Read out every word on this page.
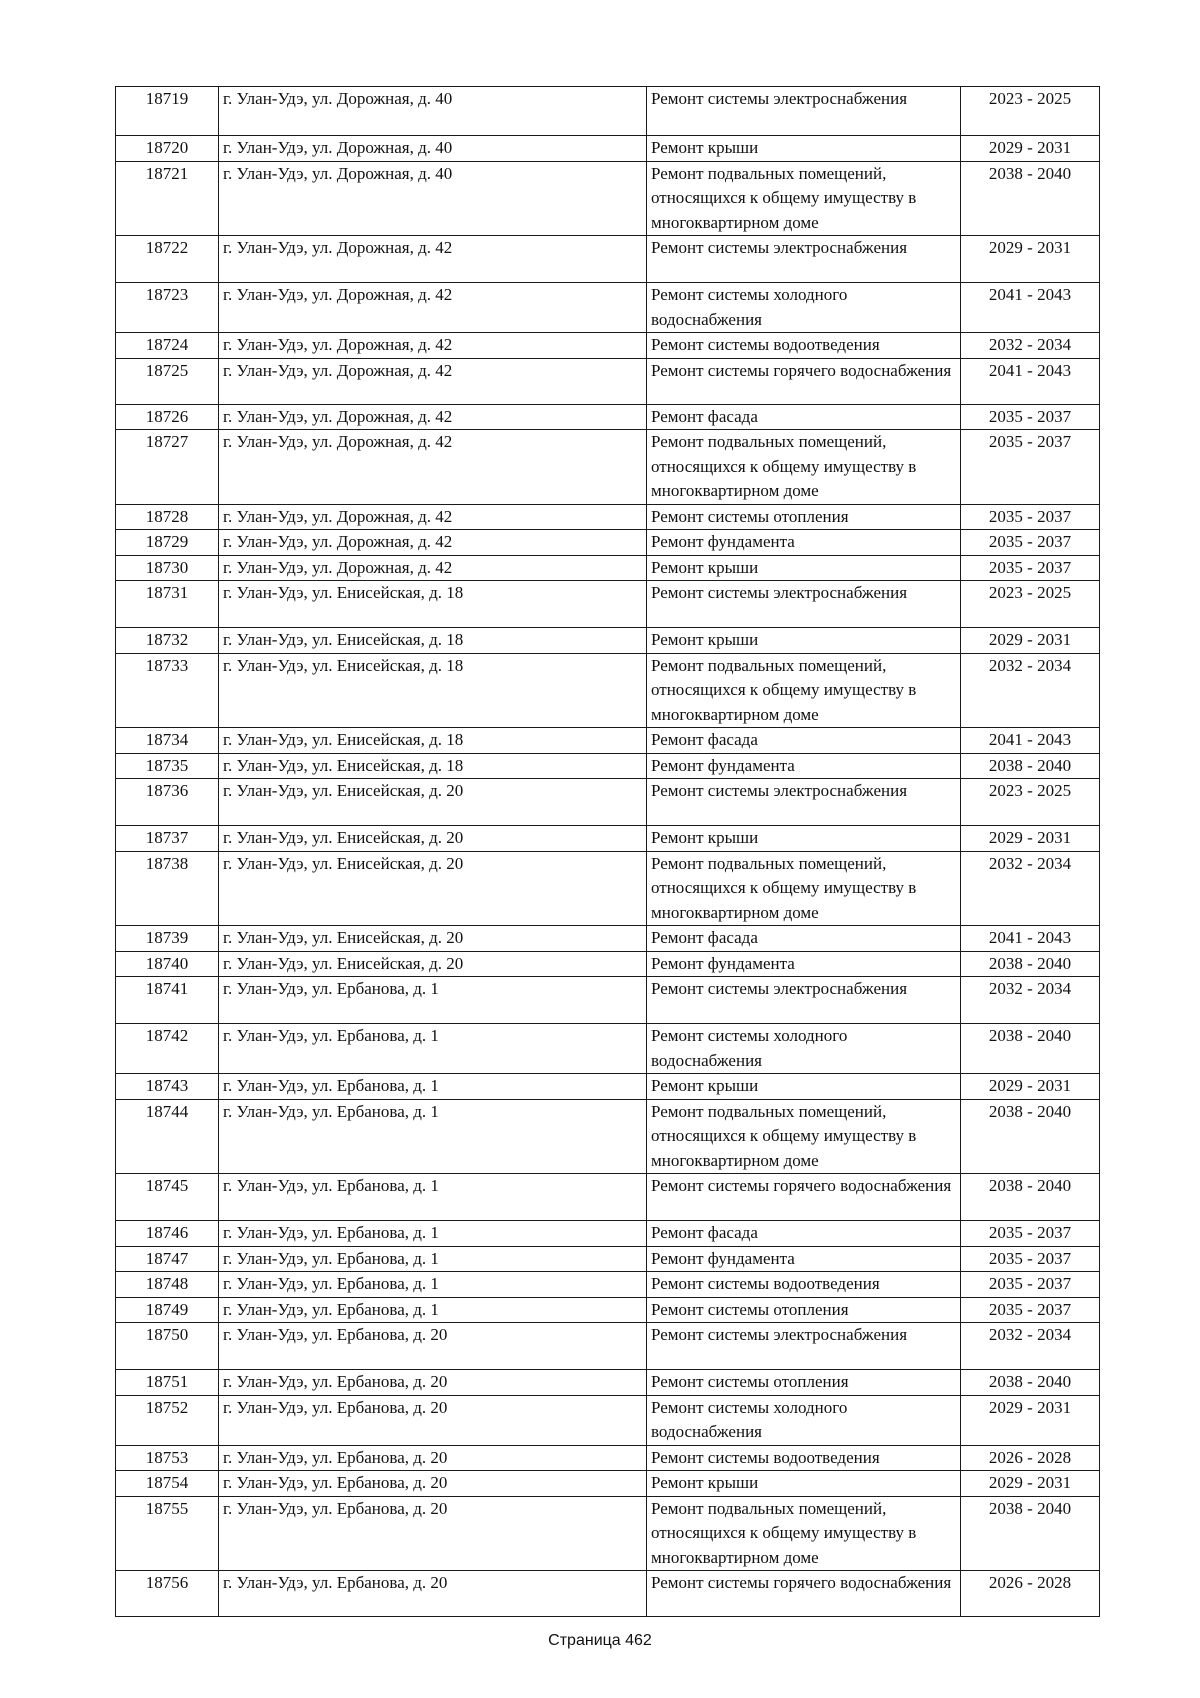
18719	г. Улан-Удэ, ул. Дорожная, д. 40	Ремонт системы электроснабжения	2023 - 2025
18720	г. Улан-Удэ, ул. Дорожная, д. 40	Ремонт крыши	2029 - 2031
18721	г. Улан-Удэ, ул. Дорожная, д. 40	Ремонт подвальных помещений, относящихся к общему имуществу в многоквартирном доме	2038 - 2040
18722	г. Улан-Удэ, ул. Дорожная, д. 42	Ремонт системы электроснабжения	2029 - 2031
18723	г. Улан-Удэ, ул. Дорожная, д. 42	Ремонт системы холодного водоснабжения	2041 - 2043
18724	г. Улан-Удэ, ул. Дорожная, д. 42	Ремонт системы водоотведения	2032 - 2034
18725	г. Улан-Удэ, ул. Дорожная, д. 42	Ремонт системы горячего водоснабжения	2041 - 2043
18726	г. Улан-Удэ, ул. Дорожная, д. 42	Ремонт фасада	2035 - 2037
18727	г. Улан-Удэ, ул. Дорожная, д. 42	Ремонт подвальных помещений, относящихся к общему имуществу в многоквартирном доме	2035 - 2037
18728	г. Улан-Удэ, ул. Дорожная, д. 42	Ремонт системы отопления	2035 - 2037
18729	г. Улан-Удэ, ул. Дорожная, д. 42	Ремонт фундамента	2035 - 2037
18730	г. Улан-Удэ, ул. Дорожная, д. 42	Ремонт крыши	2035 - 2037
18731	г. Улан-Удэ, ул. Енисейская, д. 18	Ремонт системы электроснабжения	2023 - 2025
18732	г. Улан-Удэ, ул. Енисейская, д. 18	Ремонт крыши	2029 - 2031
18733	г. Улан-Удэ, ул. Енисейская, д. 18	Ремонт подвальных помещений, относящихся к общему имуществу в многоквартирном доме	2032 - 2034
18734	г. Улан-Удэ, ул. Енисейская, д. 18	Ремонт фасада	2041 - 2043
18735	г. Улан-Удэ, ул. Енисейская, д. 18	Ремонт фундамента	2038 - 2040
18736	г. Улан-Удэ, ул. Енисейская, д. 20	Ремонт системы электроснабжения	2023 - 2025
18737	г. Улан-Удэ, ул. Енисейская, д. 20	Ремонт крыши	2029 - 2031
18738	г. Улан-Удэ, ул. Енисейская, д. 20	Ремонт подвальных помещений, относящихся к общему имуществу в многоквартирном доме	2032 - 2034
18739	г. Улан-Удэ, ул. Енисейская, д. 20	Ремонт фасада	2041 - 2043
18740	г. Улан-Удэ, ул. Енисейская, д. 20	Ремонт фундамента	2038 - 2040
18741	г. Улан-Удэ, ул. Ербанова, д. 1	Ремонт системы электроснабжения	2032 - 2034
18742	г. Улан-Удэ, ул. Ербанова, д. 1	Ремонт системы холодного водоснабжения	2038 - 2040
18743	г. Улан-Удэ, ул. Ербанова, д. 1	Ремонт крыши	2029 - 2031
18744	г. Улан-Удэ, ул. Ербанова, д. 1	Ремонт подвальных помещений, относящихся к общему имуществу в многоквартирном доме	2038 - 2040
18745	г. Улан-Удэ, ул. Ербанова, д. 1	Ремонт системы горячего водоснабжения	2038 - 2040
18746	г. Улан-Удэ, ул. Ербанова, д. 1	Ремонт фасада	2035 - 2037
18747	г. Улан-Удэ, ул. Ербанова, д. 1	Ремонт фундамента	2035 - 2037
18748	г. Улан-Удэ, ул. Ербанова, д. 1	Ремонт системы водоотведения	2035 - 2037
18749	г. Улан-Удэ, ул. Ербанова, д. 1	Ремонт системы отопления	2035 - 2037
18750	г. Улан-Удэ, ул. Ербанова, д. 20	Ремонт системы электроснабжения	2032 - 2034
18751	г. Улан-Удэ, ул. Ербанова, д. 20	Ремонт системы отопления	2038 - 2040
18752	г. Улан-Удэ, ул. Ербанова, д. 20	Ремонт системы холодного водоснабжения	2029 - 2031
18753	г. Улан-Удэ, ул. Ербанова, д. 20	Ремонт системы водоотведения	2026 - 2028
18754	г. Улан-Удэ, ул. Ербанова, д. 20	Ремонт крыши	2029 - 2031
18755	г. Улан-Удэ, ул. Ербанова, д. 20	Ремонт подвальных помещений, относящихся к общему имуществу в многоквартирном доме	2038 - 2040
18756	г. Улан-Удэ, ул. Ербанова, д. 20	Ремонт системы горячего водоснабжения	2026 - 2028
Страница 462
